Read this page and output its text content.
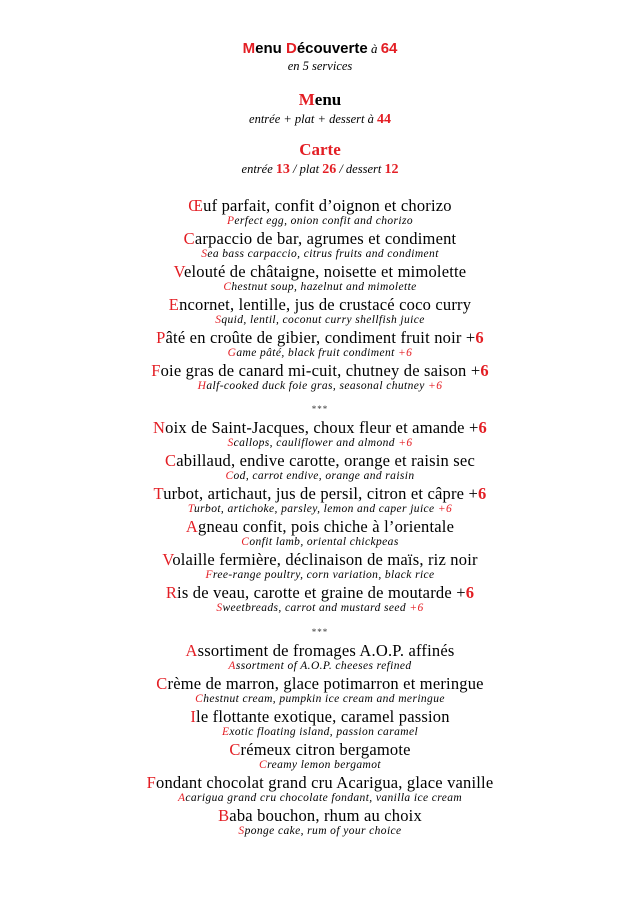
Menu Découverte à 64
en 5 services
Menu
entrée + plat + dessert à 44
Carte
entrée 13 / plat 26 / dessert 12
Œuf parfait, confit d’oignon et chorizo
Perfect egg, onion confit and chorizo
Carpaccio de bar, agrumes et condiment
Sea bass carpaccio, citrus fruits and condiment
Velouté de châtaigne, noisette et mimolette
Chestnut soup, hazelnut and mimolette
Encornet, lentille, jus de crustacé coco curry
Squid, lentil, coconut curry shellfish juice
Pâté en croûte de gibier, condiment fruit noir +6
Game pâté, black fruit condiment +6
Foie gras de canard mi-cuit, chutney de saison +6
Half-cooked duck foie gras, seasonal chutney +6
***
Noix de Saint-Jacques, choux fleur et amande +6
Scallops, cauliflower and almond +6
Cabillaud, endive carotte, orange et raisin sec
Cod, carrot endive, orange and raisin
Turbot, artichaut, jus de persil, citron et câpre +6
Turbot, artichoke, parsley, lemon and caper juice +6
Agneau confit, pois chiche à l’orientale
Confit lamb, oriental chickpeas
Volaille fermière, déclinaison de maïs, riz noir
Free-range poultry, corn variation, black rice
Ris de veau, carotte et graine de moutarde +6
Sweetbreads, carrot and mustard seed +6
***
Assortiment de fromages A.O.P. affinés
Assortment of A.O.P. cheeses refined
Crème de marron, glace potimarron et meringue
Chestnut cream, pumpkin ice cream and meringue
Ile flottante exotique, caramel passion
Exotic floating island, passion caramel
Crémeux citron bergamote
Creamy lemon bergamot
Fondant chocolat grand cru Acarigua, glace vanille
Acarigua grand cru chocolate fondant, vanilla ice cream
Baba bouchon, rhum au choix
Sponge cake, rum of your choice
